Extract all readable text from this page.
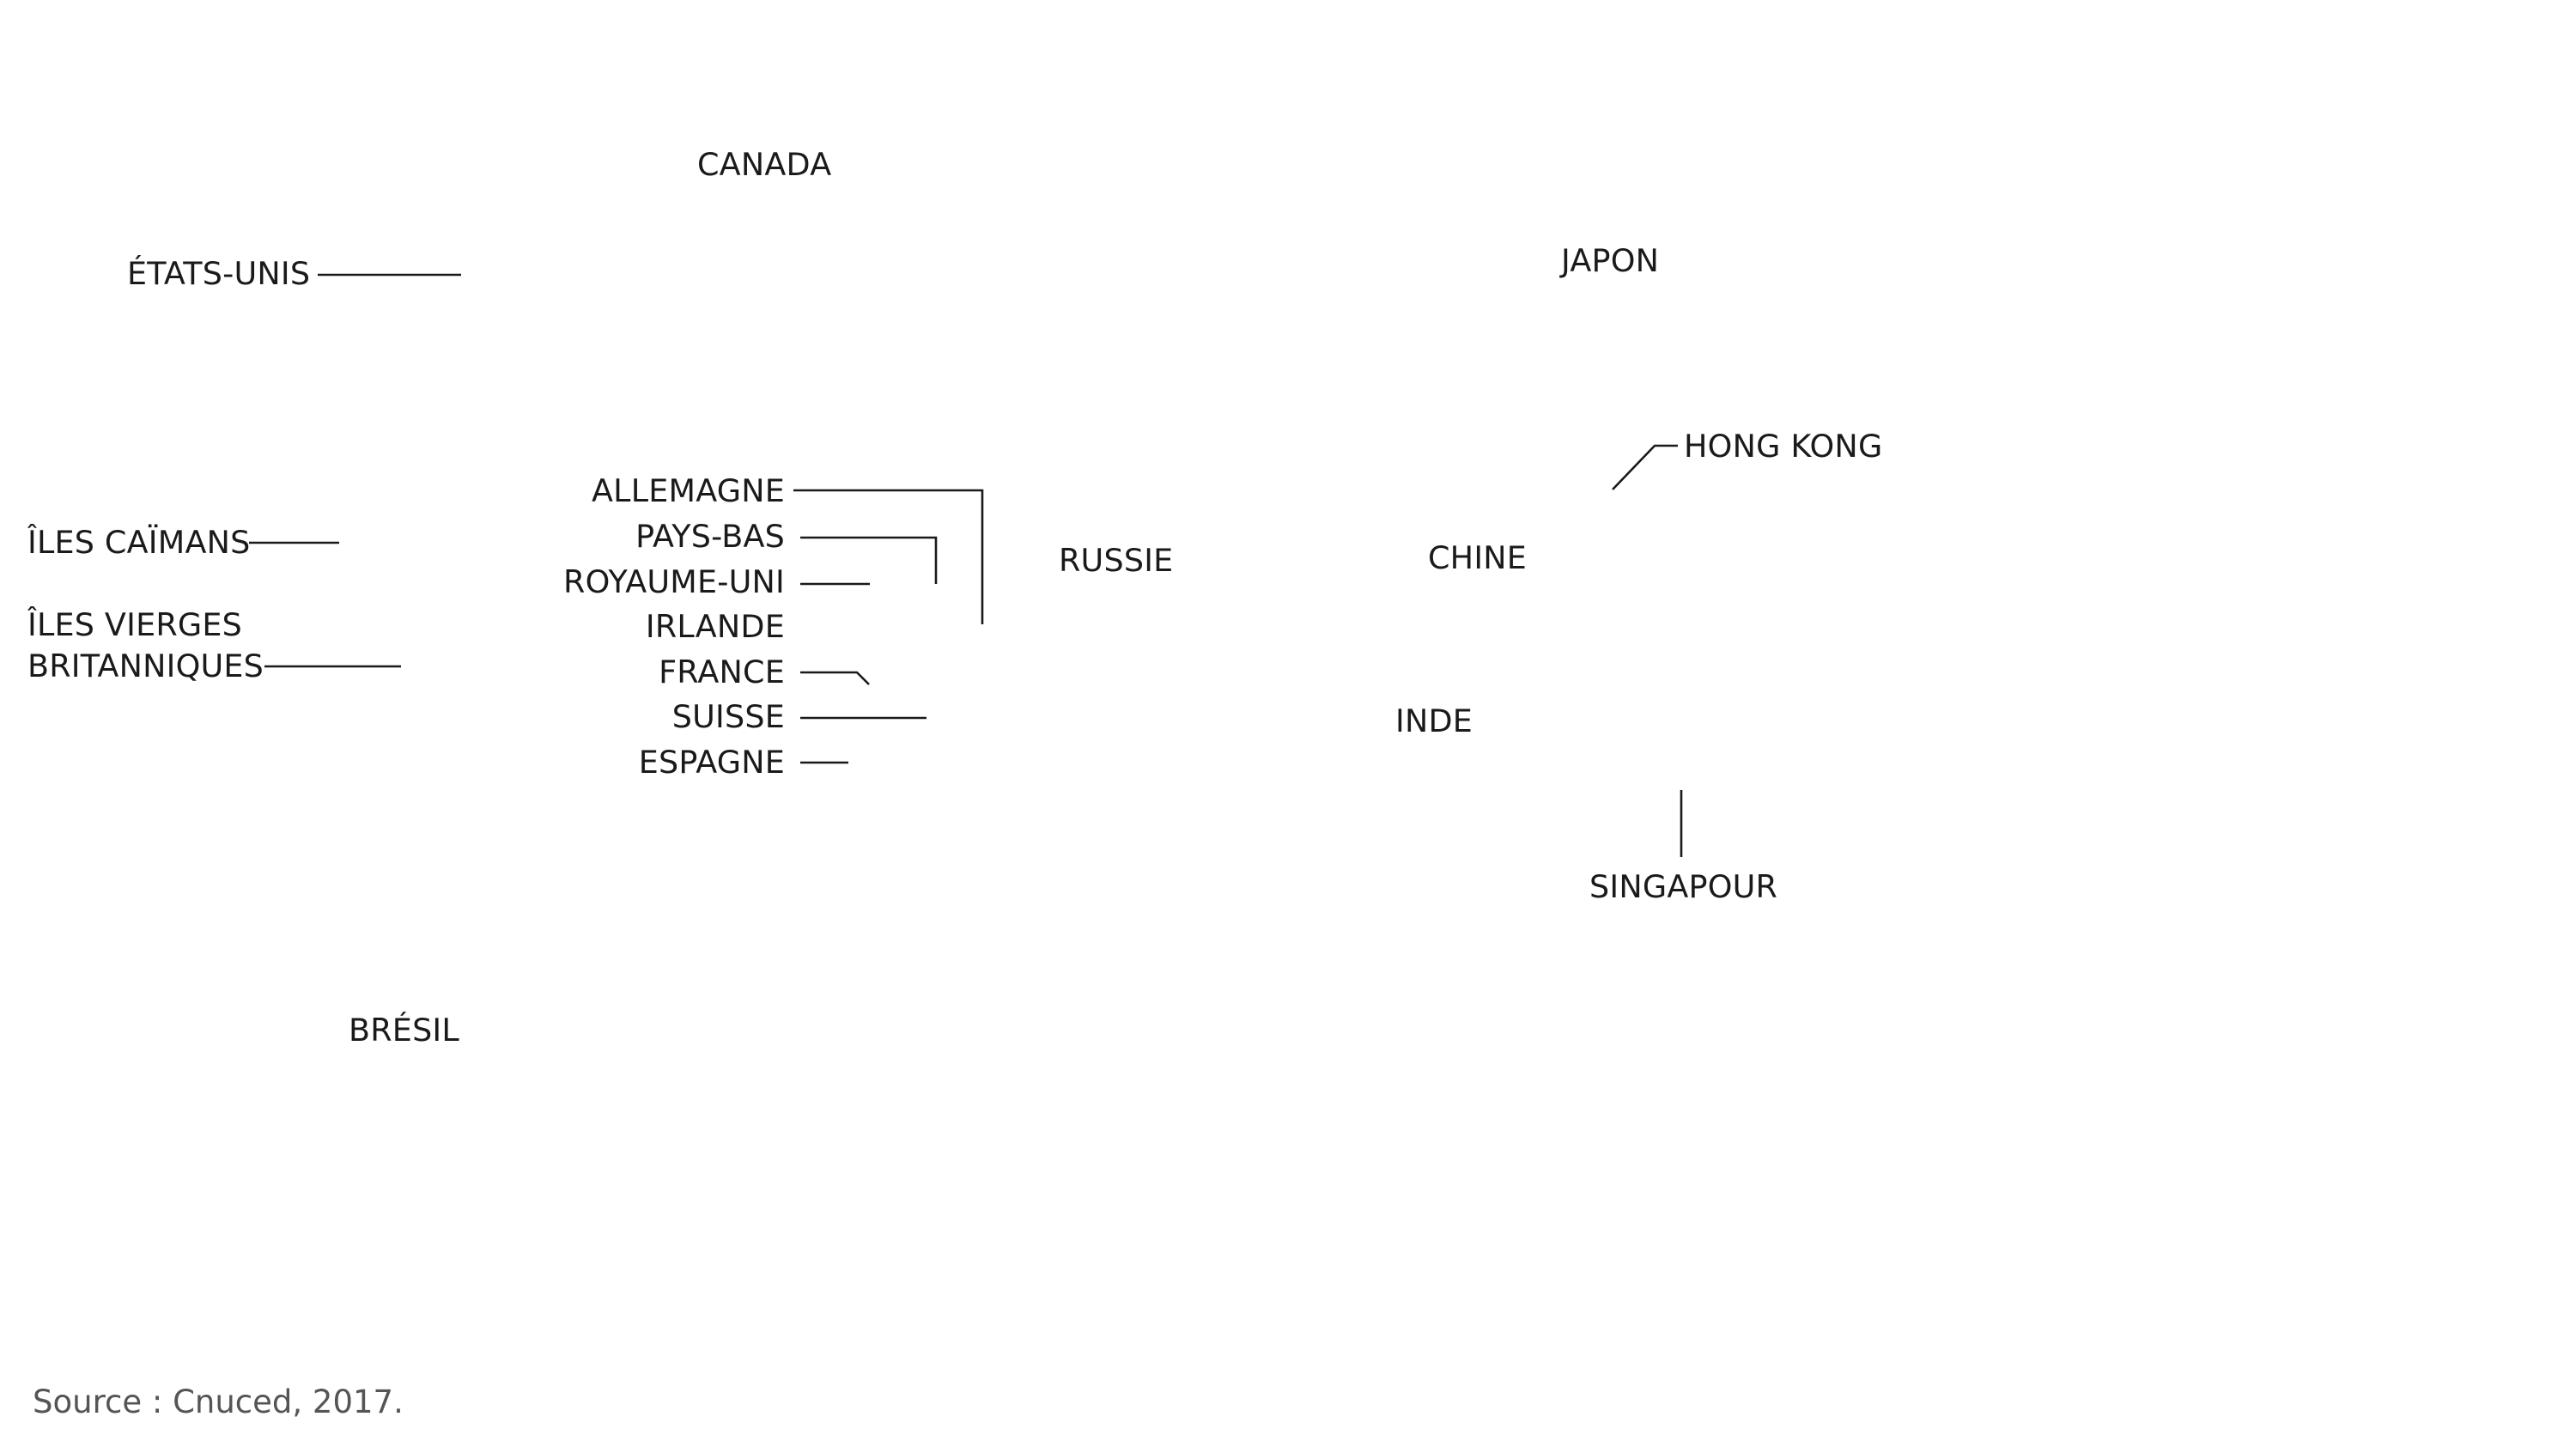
CANADA
ÉTATS-UNIS	JAPON
HONG KONG
ALLEMAGNE
PAYS-BAS
ROYAUME-UNI
IRLANDE
FRANCE
SUISSE
ESPAGNE
RUSSIE	CHINE
INDE
SINGAPOUR
ÎLES CAÏMANS
ÎLES VIERGES
BRITANNIQUES
BRÉSIL
Source : Cnuced, 2017.
